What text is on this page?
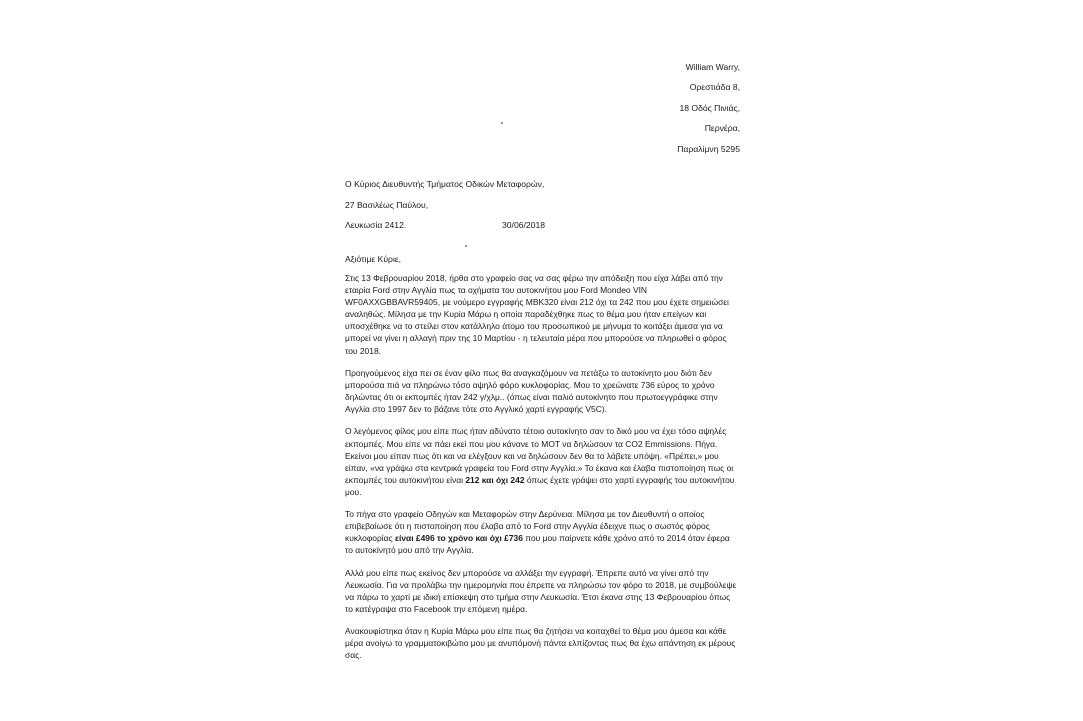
William Warry,
Ορεστιάδα 8,
18 Οδός Πινιάς,
Περνέρα,
Παραλίμνη 5295
Ο Κύριος Διευθυντής Τμήματος Οδικών Μεταφορών,
27 Βασιλέως Παύλου,
Λευκωσία 2412.	30/06/2018
Αξιότιμε Κύριε,

Στις 13 Φεβρουαρίου 2018, ήρθα στο γραφείο σας να σας φέρω την απόδειξη που είχα λάβει από την εταιρία Ford στην Αγγλία πως τα οχήματα του αυτοκινήτου μου Ford Mondeo VIN WF0AXXGBBAVR59405, με νούμερο εγγραφής MBK320 είναι 212 όχι τα 242 που μου έχετε σημειώσει αναληθώς. Μίλησα με την Κυρία Μάρω η οποία παραδέχθηκε πως το θέμα μου ήταν επείγων και υποσχέθηκε να το στείλει στον κατάλληλο άτομο του προσωπικού με μήνυμα το κοιτάξει άμεσα για να μπορεί να γίνει η αλλαγή πριν της 10 Μαρτίου - η τελευταία μέρα που μπορούσε να πληρωθεί ο φόρος του 2018.

Προηγούμενος είχα πει σε έναν φίλο πως θα αναγκαζόμουν να πετάξω το αυτοκίνητο μου διότι δεν μπορούσα πιά να πληρώνω τόσο αψηλό φόρο κυκλοφορίας. Μου το χρεώνατε 736 εύρος το χρόνο δηλώντας ότι οι εκπομπές ήταν 242 γ/χλμ.. (όπως είναι παλιό αυτοκίνητο που πρωτοεγγράφικε στην Αγγλία στο 1997 δεν το βάζανε τότε στο Αγγλικό χαρτί εγγραφής V5C).

Ο λεγόμενος φίλος μου είπε πως ήταν αδύνατο τέτοιο αυτοκίνητο σαν το δικό μου να έχει τόσο αψηλές εκπομπές. Μου είπε να πάει εκεί που μου κάνανε το MOT να δηλώσουν τα CO2 Emmissions. Πήγα. Εκείνοι μου είπαν πως ότι και να ελέγξουν και να δηλώσουν δεν θα το λάβετε υπόψη. «Πρέπει,» μου είπαν, «να γράψω στα κεντρικά γραφεία του Ford στην Αγγλία.» Το έκανα και έλαβα πιστοποίηση πως οι εκπομπές του αυτοκινήτου είναι 212 και όχι 242 όπως έχετε γράψει στο χαρτί εγγραφής του αυτοκινήτου μου.

Το πήγα στο γραφείο Οδηγών και Μεταφορών στην Δερύνεια. Μίλησα με τον Διευθυντή ο οποίος επιβεβαίωσε ότι η πιστοποίηση που έλαβα από το Ford στην Αγγλία έδειχνε πως ο σωστός φόρος κυκλοφορίας είναι £496 το χρόνο και όχι £736 που μου παίρνετε κάθε χρόνο από το 2014 όταν έφερα το αυτοκίνητό μου από την Αγγλία.

Αλλά μου είπε πως εκείνος δεν μπορούσε να αλλάξει την εγγραφή. Έπρεπε αυτό να γίνει από την Λευκωσία. Για να προλάβω την ημερομηνία που έπρεπε να πληρώσω τον φόρο το 2018, με συμβούλεψε να πάρω το χαρτί με ιδική επίσκεψη στο τμήμα στην Λευκωσία. Έτσι έκανα στης 13 Φεβρουαρίου όπως το κατέγραψα στο Facebook την επόμενη ημέρα.

Ανακουφίστηκα όταν η Κυρία Μάρω μου είπε πως θα ζητήσει να κοιταχθεί το θέμα μου άμεσα και κάθε μέρα ανοίγω το γραμματοκιβώτιο μου με ανυπόμονή πάντα ελπίζοντας πως θα έχω απάντηση εκ μέρους σας.
